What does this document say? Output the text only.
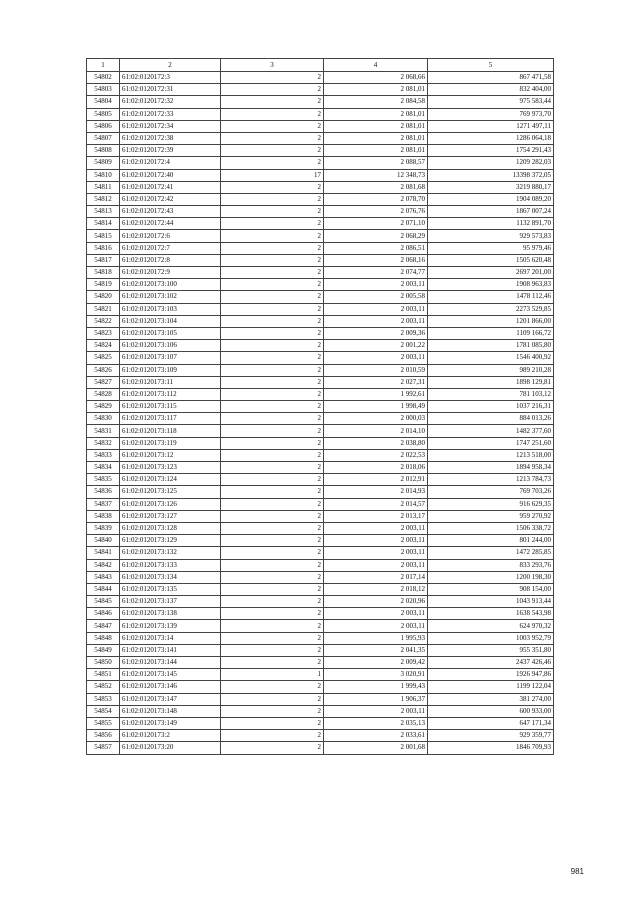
1	2	3	4	5
54802	61:02:0120172:3	2	2 068,66	867 471,58
54803	61:02:0120172:31	2	2 081,01	832 404,00
54804	61:02:0120172:32	2	2 084,58	975 583,44
54805	61:02:0120172:33	2	2 081,01	769 973,70
54806	61:02:0120172:34	2	2 081,01	1271 497,11
54807	61:02:0120172:38	2	2 081,01	1286 064,18
54808	61:02:0120172:39	2	2 081,01	1754 291,43
54809	61:02:0120172:4	2	2 088,57	1209 282,03
54810	61:02:0120172:40	17	12 348,73	13398 372,05
54811	61:02:0120172:41	2	2 081,68	3219 880,17
54812	61:02:0120172:42	2	2 078,70	1904 089,20
54813	61:02:0120172:43	2	2 076,76	1867 007,24
54814	61:02:0120172:44	2	2 071,10	1132 891,70
54815	61:02:0120172:6	2	2 068,29	929 573,83
54816	61:02:0120172:7	2	2 086,51	95 979,46
54817	61:02:0120172:8	2	2 068,16	1505 620,48
54818	61:02:0120172:9	2	2 074,77	2697 201,00
54819	61:02:0120173:100	2	2 003,11	1908 963,83
54820	61:02:0120173:102	2	2 005,58	1478 112,46
54821	61:02:0120173:103	2	2 003,11	2273 529,85
54822	61:02:0120173:104	2	2 003,11	1201 866,00
54823	61:02:0120173:105	2	2 009,36	1109 166,72
54824	61:02:0120173:106	2	2 001,22	1781 085,80
54825	61:02:0120173:107	2	2 003,11	1546 400,92
54826	61:02:0120173:109	2	2 010,59	989 210,28
54827	61:02:0120173:11	2	2 027,31	1898 129,81
54828	61:02:0120173:112	2	1 992,61	781 103,12
54829	61:02:0120173:115	2	1 998,49	1037 216,31
54830	61:02:0120173:117	2	2 000,03	884 013,26
54831	61:02:0120173:118	2	2 014,10	1482 377,60
54832	61:02:0120173:119	2	2 038,80	1747 251,60
54833	61:02:0120173:12	2	2 022,53	1213 518,00
54834	61:02:0120173:123	2	2 018,06	1894 958,34
54835	61:02:0120173:124	2	2 012,91	1213 784,73
54836	61:02:0120173:125	2	2 014,93	769 703,26
54837	61:02:0120173:126	2	2 014,57	916 629,35
54838	61:02:0120173:127	2	2 013,17	959 270,92
54839	61:02:0120173:128	2	2 003,11	1506 338,72
54840	61:02:0120173:129	2	2 003,11	801 244,00
54841	61:02:0120173:132	2	2 003,11	1472 285,85
54842	61:02:0120173:133	2	2 003,11	833 293,76
54843	61:02:0120173:134	2	2 017,14	1200 198,30
54844	61:02:0120173:135	2	2 018,12	908 154,00
54845	61:02:0120173:137	2	2 020,96	1043 913,44
54846	61:02:0120173:138	2	2 003,11	1638 543,98
54847	61:02:0120173:139	2	2 003,11	624 970,32
54848	61:02:0120173:14	2	1 995,93	1003 952,79
54849	61:02:0120173:141	2	2 041,35	955 351,80
54850	61:02:0120173:144	2	2 009,42	2437 426,46
54851	61:02:0120173:145	1	3 020,91	1926 947,86
54852	61:02:0120173:146	2	1 999,43	1199 122,04
54853	61:02:0120173:147	2	1 906,37	381 274,00
54854	61:02:0120173:148	2	2 003,11	600 933,00
54855	61:02:0120173:149	2	2 035,13	647 171,34
54856	61:02:0120173:2	2	2 033,61	929 359,77
54857	61:02:0120173:20	2	2 001,68	1846 709,93
981
